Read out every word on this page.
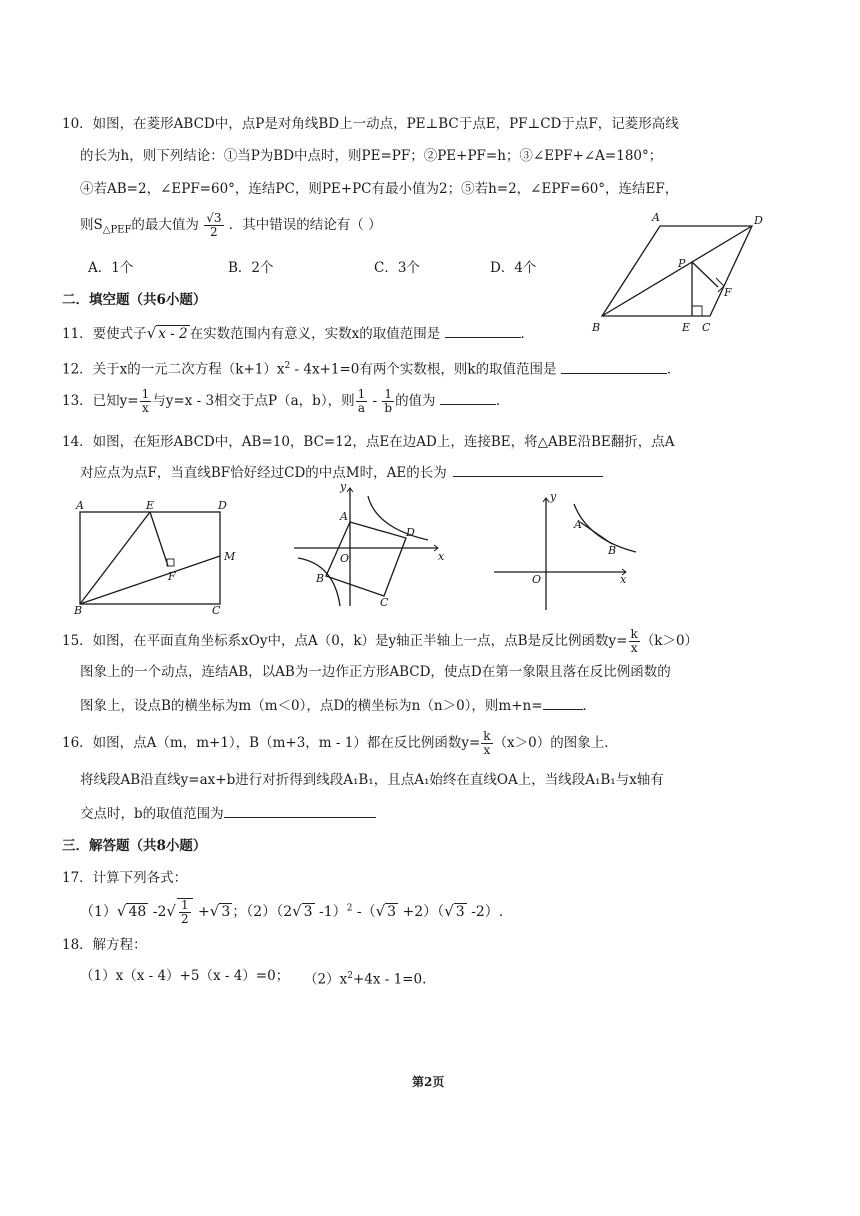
10．如图，在菱形ABCD中，点P是对角线BD上一动点，PE⊥BC于点E，PF⊥CD于点F，记菱形高线
的长为h，则下列结论：①当P为BD中点时，则PE=PF；②PE+PF=h；③∠EPF+∠A=180°；
④若AB=2，∠EPF=60°，连结PC，则PE+PC有最小值为2；⑤若h=2，∠EPF=60°，连结EF，
则$S_{\triangle PEF}$的最大值为 $\frac{√3}{2}$ ．其中错误的结论有（ ）
A．1个	B．2个	C．3个	D．4个
A	D
P
F
B	E C
二．填空题（共6小题）
11．要使式子√ x - 2 在实数范围内有意义，实数x的取值范围是	．
12．关于x的一元二次方程$(k+1)x^2 - 4x+1=0$有两个实数根，则k的取值范围是	．
13．已知$y= \frac{1}{x}$ 与y=x - 3相交于点P（a，b），则 $\frac{1}{a} - \frac{1}{b}$ 的值为	．
14．如图，在矩形ABCD中，AB=10，BC=12，点E在边AD上，连接BE，将△ABE沿BE翻折，点A
对应点为点F，当直线BF恰好经过CD的中点M时，AE的长为
A	E	D
M
F
B	C
y
A
D
x
O
B
C
y
A
B
O	x
15．如图，在平面直角坐标系xOy中，点A（0，k）是y轴正半轴上一点，点B是反比例函数$y= \frac{k}{x} (k>0)$
图象上的一个动点，连结AB，以AB为一边作正方形ABCD，使点D在第一象限且落在反比例函数的
图象上，设点B的横坐标为m（m＜0），点D的横坐标为n（n＞0），则m+n=	．
16．如图，点A（m，m+1），B（m+3，m - 1）都在反比例函数$y= \frac{k}{x} (x>0)$的图象上．
将线段AB沿直线y=ax+b进行对折得到线段A₁B₁，且点A₁始终在直线OA上，当线段A₁B₁与x轴有
交点时，b的取值范围为
三．解答题（共8小题）
17．计算下列各式：
（1）√ 48 $-2√ \frac{1}{2}$ +√ 3 ；（2）（2√ 3 -1）$^2$ -（√ 3 +2）（√ 3 -2）.
18．解方程：
（1）x（x - 4）+5（x - 4）=0； $(2)x^2+4x - 1=0$.
第2页
